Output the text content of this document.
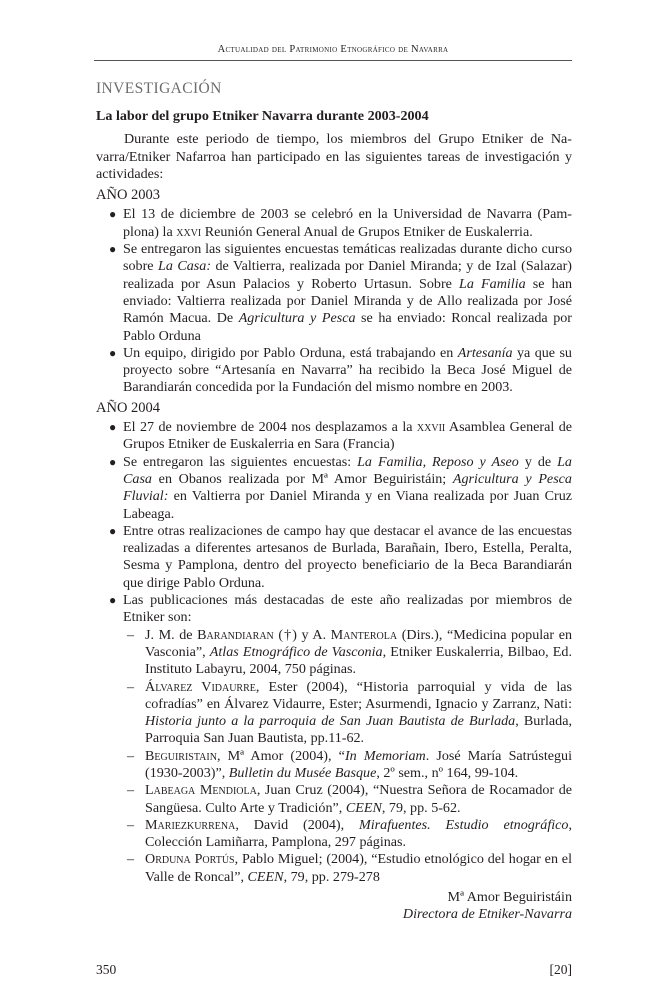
Actualidad del Patrimonio Etnográfico de Navarra
INVESTIGACIÓN

La labor del grupo Etniker Navarra durante 2003-2004

Durante este periodo de tiempo, los miembros del Grupo Etniker de Navarra/Etniker Nafarroa han participado en las siguientes tareas de investigación y actividades:

AÑO 2003
● El 13 de diciembre de 2003 se celebró en la Universidad de Navarra (Pamplona) la xxvi Reunión General Anual de Grupos Etniker de Euskalerria.
● Se entregaron las siguientes encuestas temáticas realizadas durante dicho curso sobre La Casa: de Valtierra, realizada por Daniel Miranda; y de Izal (Salazar) realizada por Asun Palacios y Roberto Urtasun. Sobre La Familia se han enviado: Valtierra realizada por Daniel Miranda y de Allo realizada por José Ramón Macua. De Agricultura y Pesca se ha enviado: Roncal realizada por Pablo Orduna
● Un equipo, dirigido por Pablo Orduna, está trabajando en Artesanía ya que su proyecto sobre “Artesanía en Navarra” ha recibido la Beca José Miguel de Barandiarán concedida por la Fundación del mismo nombre en 2003.
AÑO 2004
● El 27 de noviembre de 2004 nos desplazamos a la xxvii Asamblea General de Grupos Etniker de Euskalerria en Sara (Francia)
● Se entregaron las siguientes encuestas: La Familia, Reposo y Aseo y de La Casa en Obanos realizada por Mª Amor Beguiristáin; Agricultura y Pesca Fluvial: en Valtierra por Daniel Miranda y en Viana realizada por Juan Cruz Labeaga.
● Entre otras realizaciones de campo hay que destacar el avance de las encuestas realizadas a diferentes artesanos de Burlada, Barañain, Ibero, Estella, Peralta, Sesma y Pamplona, dentro del proyecto beneficiario de la Beca Barandiarán que dirige Pablo Orduna.
● Las publicaciones más destacadas de este año realizadas por miembros de Etniker son:
– J. M. de Barandiaran (†) y A. Manterola (Dirs.), “Medicina popular en Vasconia”, Atlas Etnográfico de Vasconia, Etniker Euskalerria, Bilbao, Ed. Instituto Labayru, 2004, 750 páginas.
– Álvarez Vidaurre, Ester (2004), “Historia parroquial y vida de las cofradías” en Álvarez Vidaurre, Ester; Asurmendi, Ignacio y Zarranz, Nati: Historia junto a la parroquia de San Juan Bautista de Burlada, Burlada, Parroquia San Juan Bautista, pp.11-62.
– Beguiristain, Mª Amor (2004), “In Memoriam. José María Satrústegui (1930-2003)”, Bulletin du Musée Basque, 2º sem., nº 164, 99-104.
– Labeaga Mendiola, Juan Cruz (2004), “Nuestra Señora de Rocamador de Sangüesa. Culto Arte y Tradición”, CEEN, 79, pp. 5-62.
– Mariezkurrena, David (2004), Mirafuentes. Estudio etnográfico, Colección Lamiñarra, Pamplona, 297 páginas.
– Orduna Portús, Pablo Miguel; (2004), “Estudio etnológico del hogar en el Valle de Roncal”, CEEN, 79, pp. 279-278

Mª Amor Beguiristáin

Directora de Etniker-Navarra

350	[20]
